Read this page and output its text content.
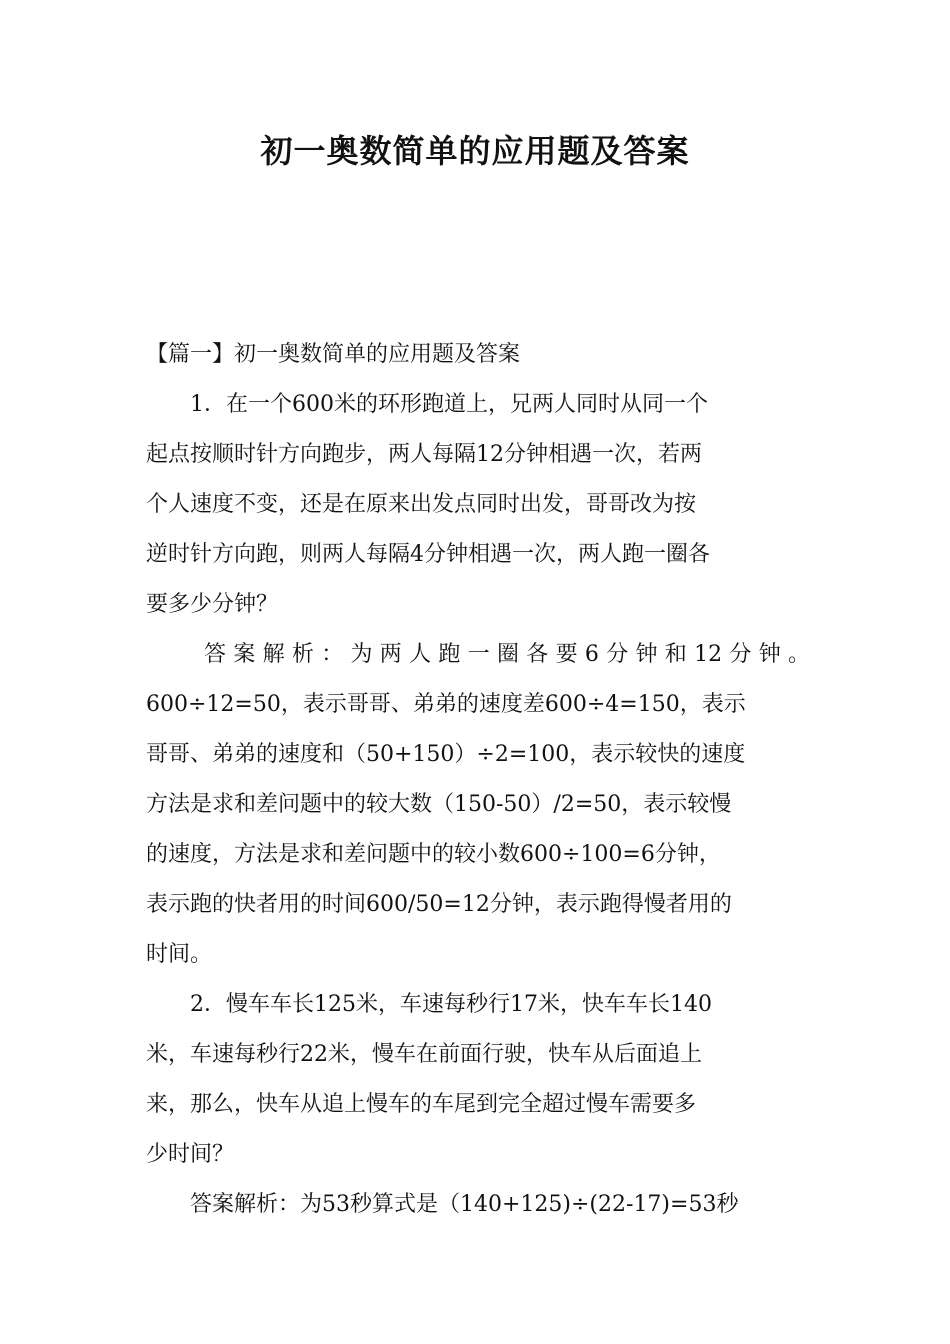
初一奥数简单的应用题及答案

【篇一】初一奥数简单的应用题及答案

1．在一个600米的环形跑道上，兄两人同时从同一个

起点按顺时针方向跑步，两人每隔12分钟相遇一次，若两

个人速度不变，还是在原来出发点同时出发，哥哥改为按

逆时针方向跑，则两人每隔4分钟相遇一次，两人跑一圈各

要多少分钟？

答案解析：为两人跑一圈各要6分钟和12分钟。

600÷12=50，表示哥哥、弟弟的速度差600÷4=150，表示

哥哥、弟弟的速度和（50+150）÷2=100，表示较快的速度

方法是求和差问题中的较大数（150-50）/2=50，表示较慢

的速度，方法是求和差问题中的较小数600÷100=6分钟，

表示跑的快者用的时间600/50=12分钟，表示跑得慢者用的

时间。

2．慢车车长125米，车速每秒行17米，快车车长140

米，车速每秒行22米，慢车在前面行驶，快车从后面追上

来，那么，快车从追上慢车的车尾到完全超过慢车需要多

少时间？

答案解析：为53秒算式是（140+125)÷(22-17)=53秒
